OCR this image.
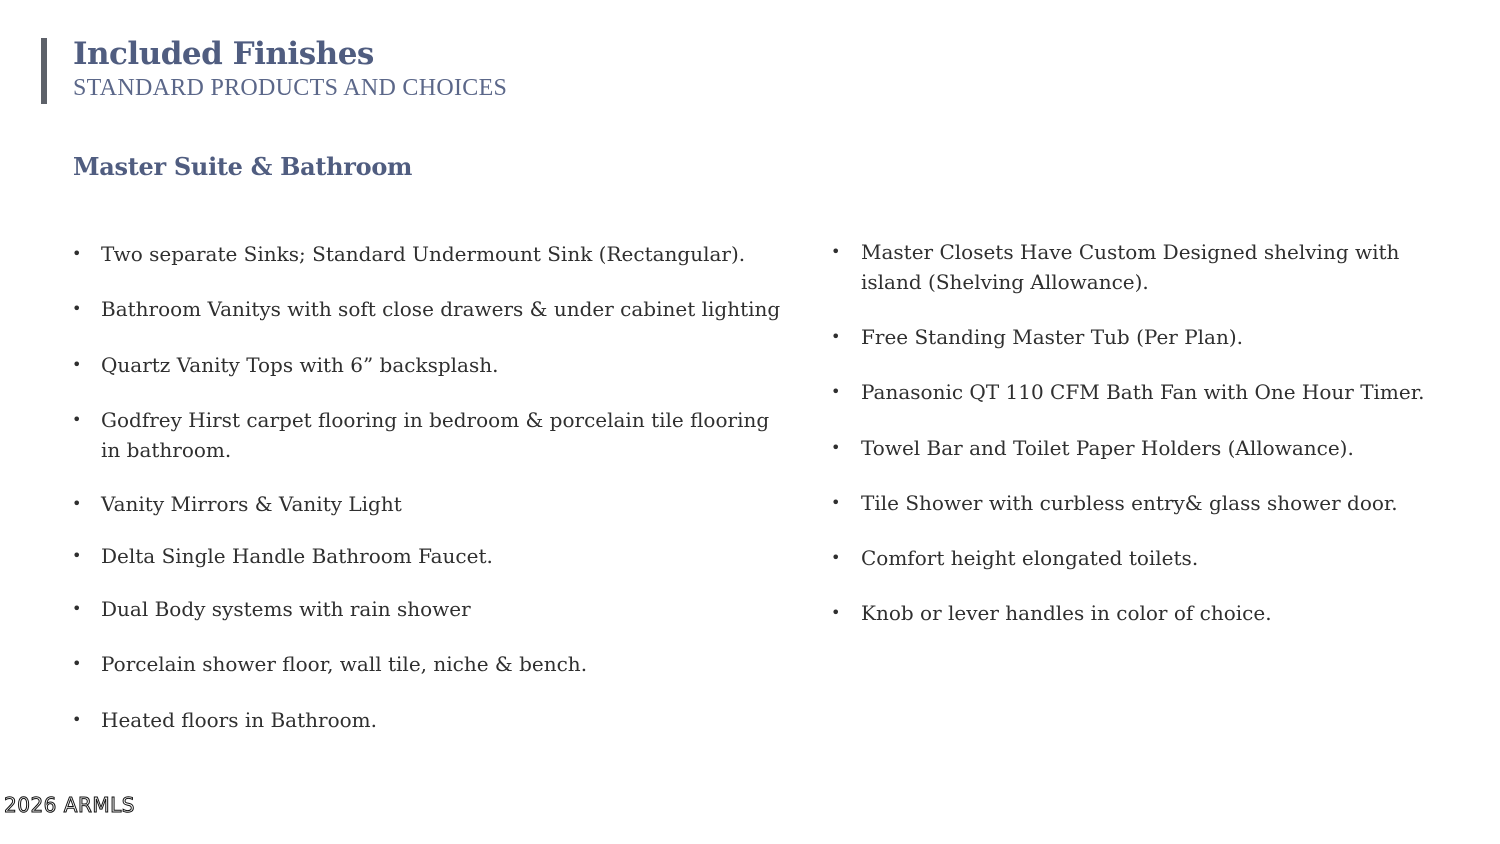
Included Finishes
STANDARD PRODUCTS AND CHOICES
Master Suite & Bathroom
• Two separate Sinks; Standard Undermount Sink (Rectangular).
• Bathroom Vanitys with soft close drawers & under cabinet lighting
• Quartz Vanity Tops with 6” backsplash.
• Godfrey Hirst carpet flooring in bedroom & porcelain tile flooring in bathroom.
• Vanity Mirrors & Vanity Light
• Delta Single Handle Bathroom Faucet.
• Dual Body systems with rain shower
• Porcelain shower floor, wall tile, niche & bench.
• Heated floors in Bathroom.
•	Master Closets Have Custom Designed shelving with island (Shelving Allowance).
•	Free Standing Master Tub (Per Plan).
•	Panasonic QT 110 CFM Bath Fan with One Hour Timer.
•	Towel Bar and Toilet Paper Holders (Allowance).
•	Tile Shower with curbless entry& glass shower door.
•	Comfort height elongated toilets.
•	Knob or lever handles in color of choice.
2026 ARMLS
